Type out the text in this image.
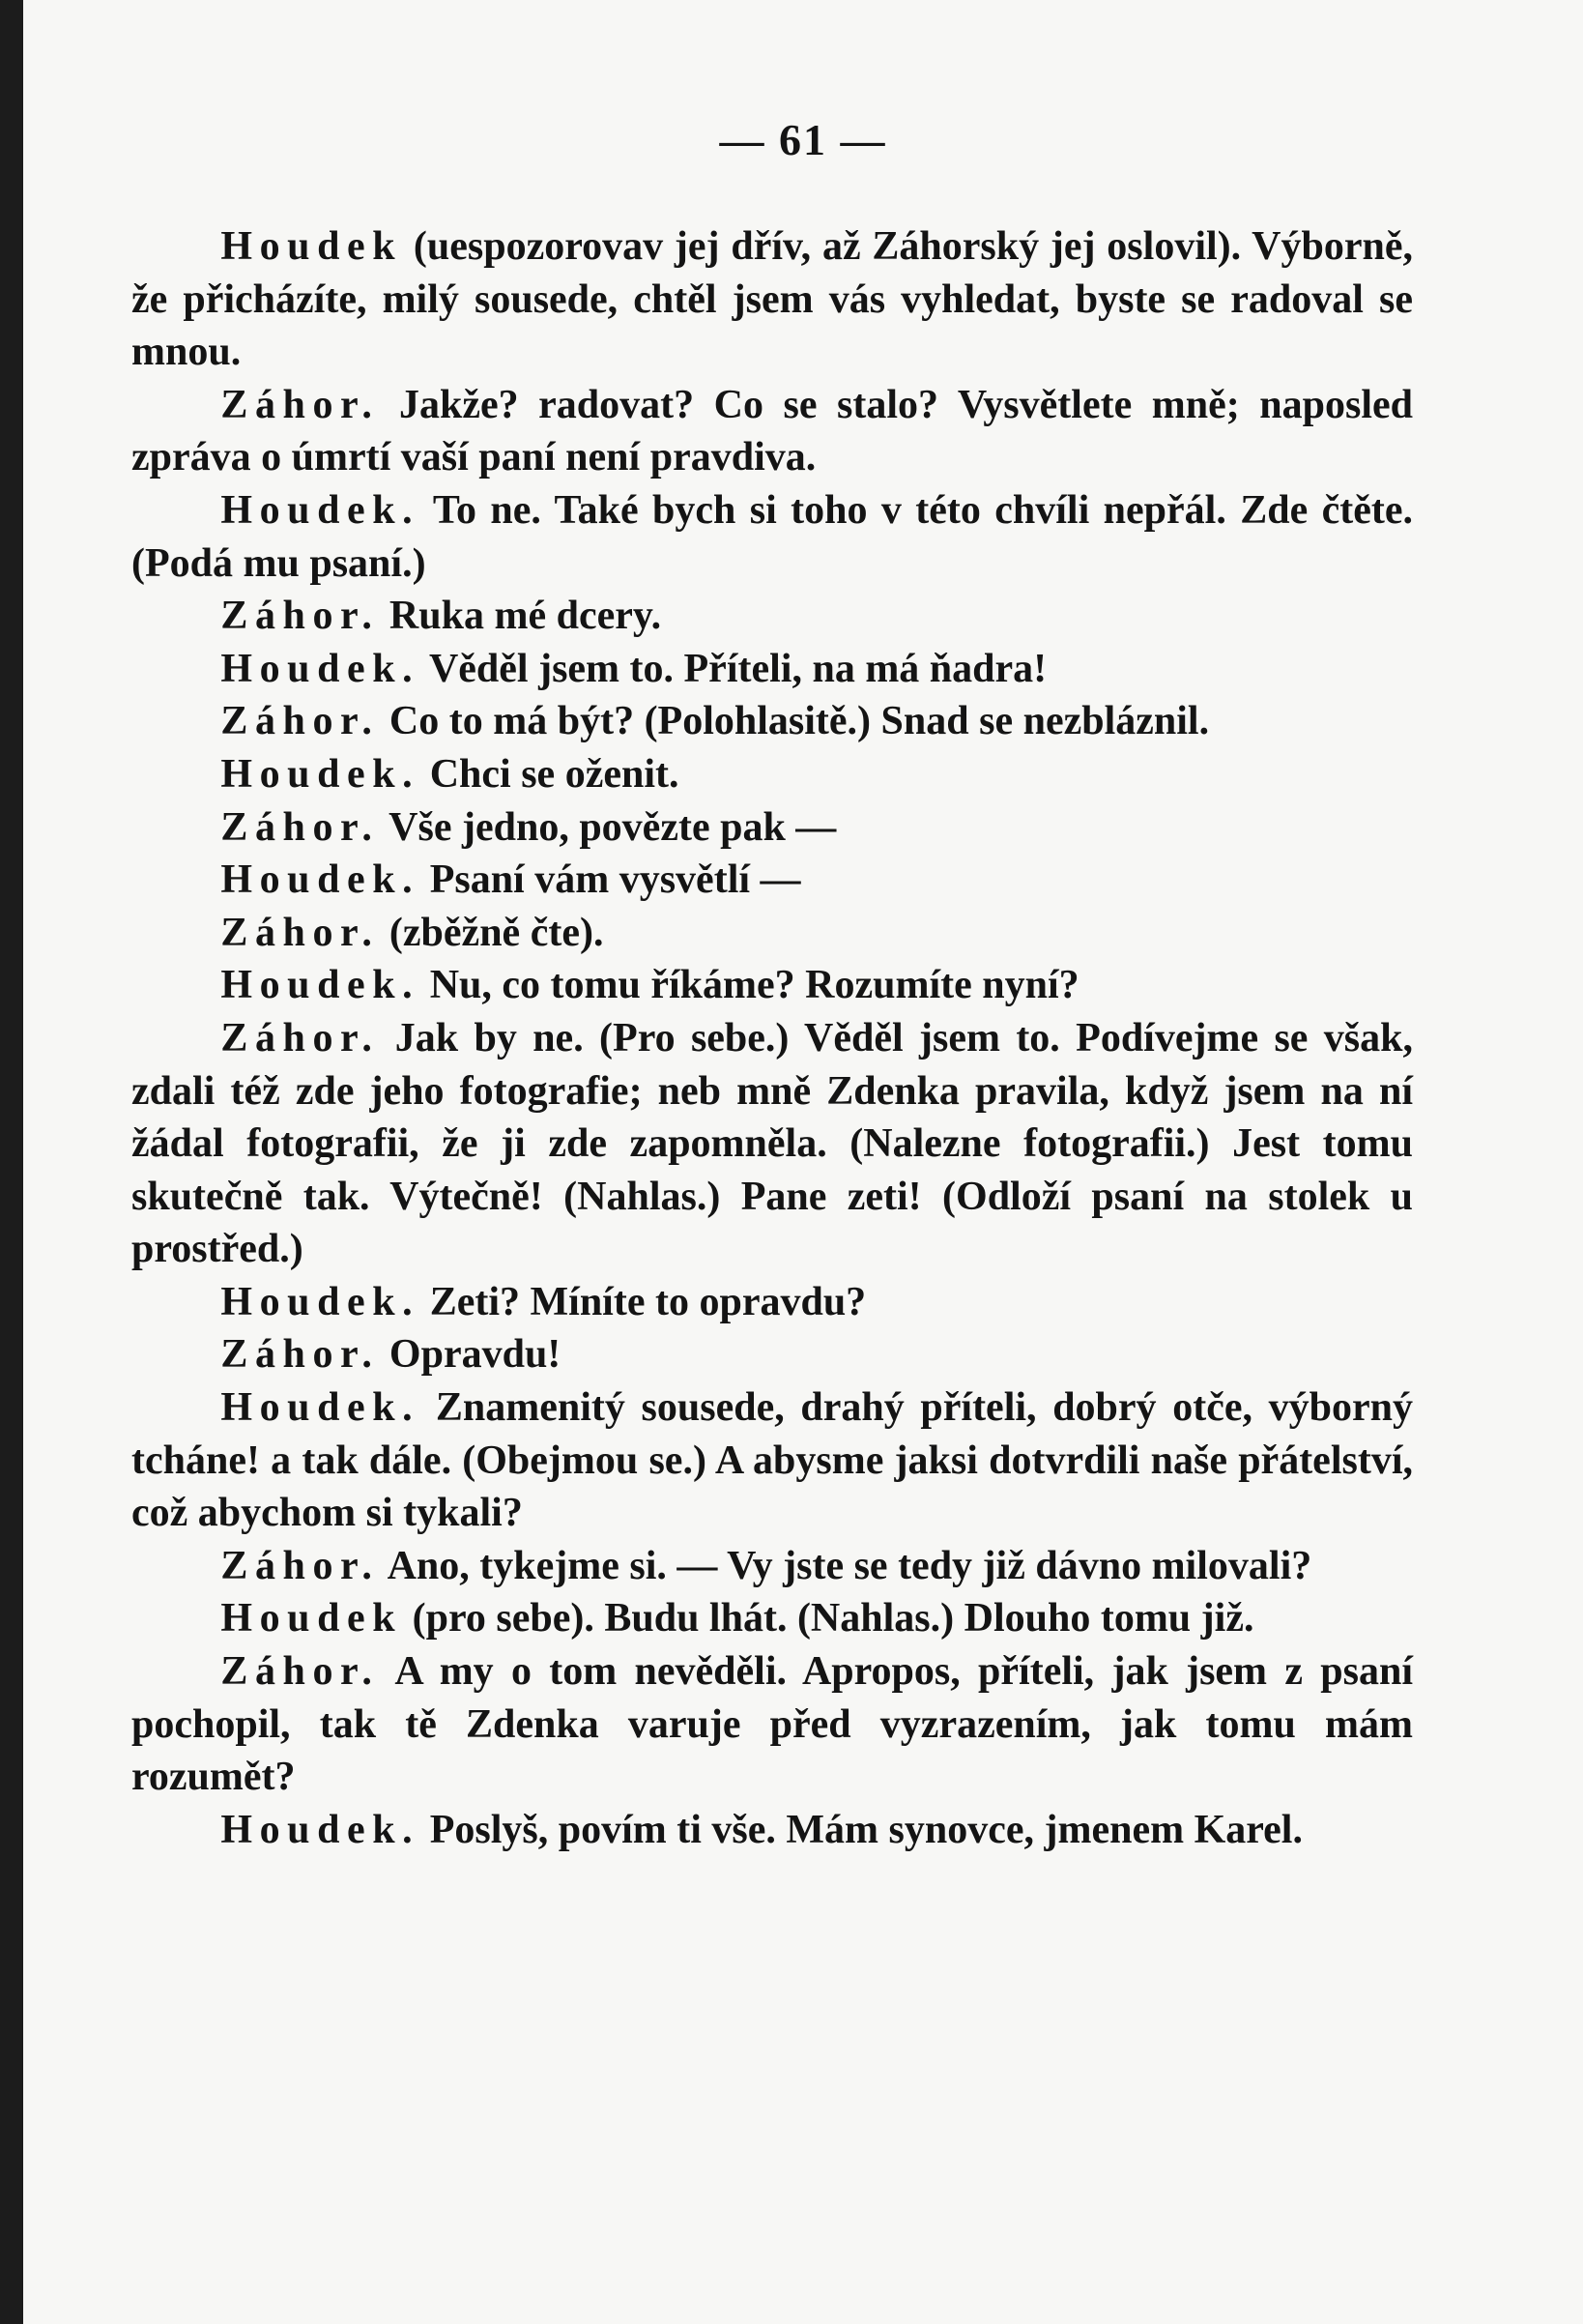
— 61 —

Houdek (uespozorovav jej dřív, až Záhorský jej oslovil). Výborně, že přicházíte, milý sousede, chtěl jsem vás vyhledat, byste se radoval se mnou.

Záhor. Jakže? radovat? Co se stalo? Vysvětlete mně; naposled zpráva o úmrtí vaší paní není pravdiva.

Houdek. To ne. Také bych si toho v této chvíli nepřál. Zde čtěte. (Podá mu psaní.)

Záhor. Ruka mé dcery.

Houdek. Věděl jsem to. Příteli, na má ňadra!

Záhor. Co to má být? (Polohlasitě.) Snad se nezbláznil.

Houdek. Chci se oženit.

Záhor. Vše jedno, povězte pak —

Houdek. Psaní vám vysvětlí —

Záhor. (zběžně čte).

Houdek. Nu, co tomu říkáme? Rozumíte nyní?

Záhor. Jak by ne. (Pro sebe.) Věděl jsem to. Podívejme se však, zdali též zde jeho fotografie; neb mně Zdenka pravila, když jsem na ní žádal fotografii, že ji zde zapomněla. (Nalezne fotografii.) Jest tomu skutečně tak. Výtečně! (Nahlas.) Pane zeti! (Odloží psaní na stolek u prostřed.)

Houdek. Zeti? Míníte to opravdu?

Záhor. Opravdu!

Houdek. Znamenitý sousede, drahý příteli, dobrý otče, výborný tcháne! a tak dále. (Obejmou se.) A abysme jaksi dotvrdili naše přátelství, což abychom si tykali?

Záhor. Ano, tykejme si. — Vy jste se tedy již dávno milovali?

Houdek (pro sebe). Budu lhát. (Nahlas.) Dlouho tomu již.

Záhor. A my o tom nevěděli. Apropos, příteli, jak jsem z psaní pochopil, tak tě Zdenka varuje před vyzrazením, jak tomu mám rozumět?

Houdek. Poslyš, povím ti vše. Mám synovce, jmenem Karel.
